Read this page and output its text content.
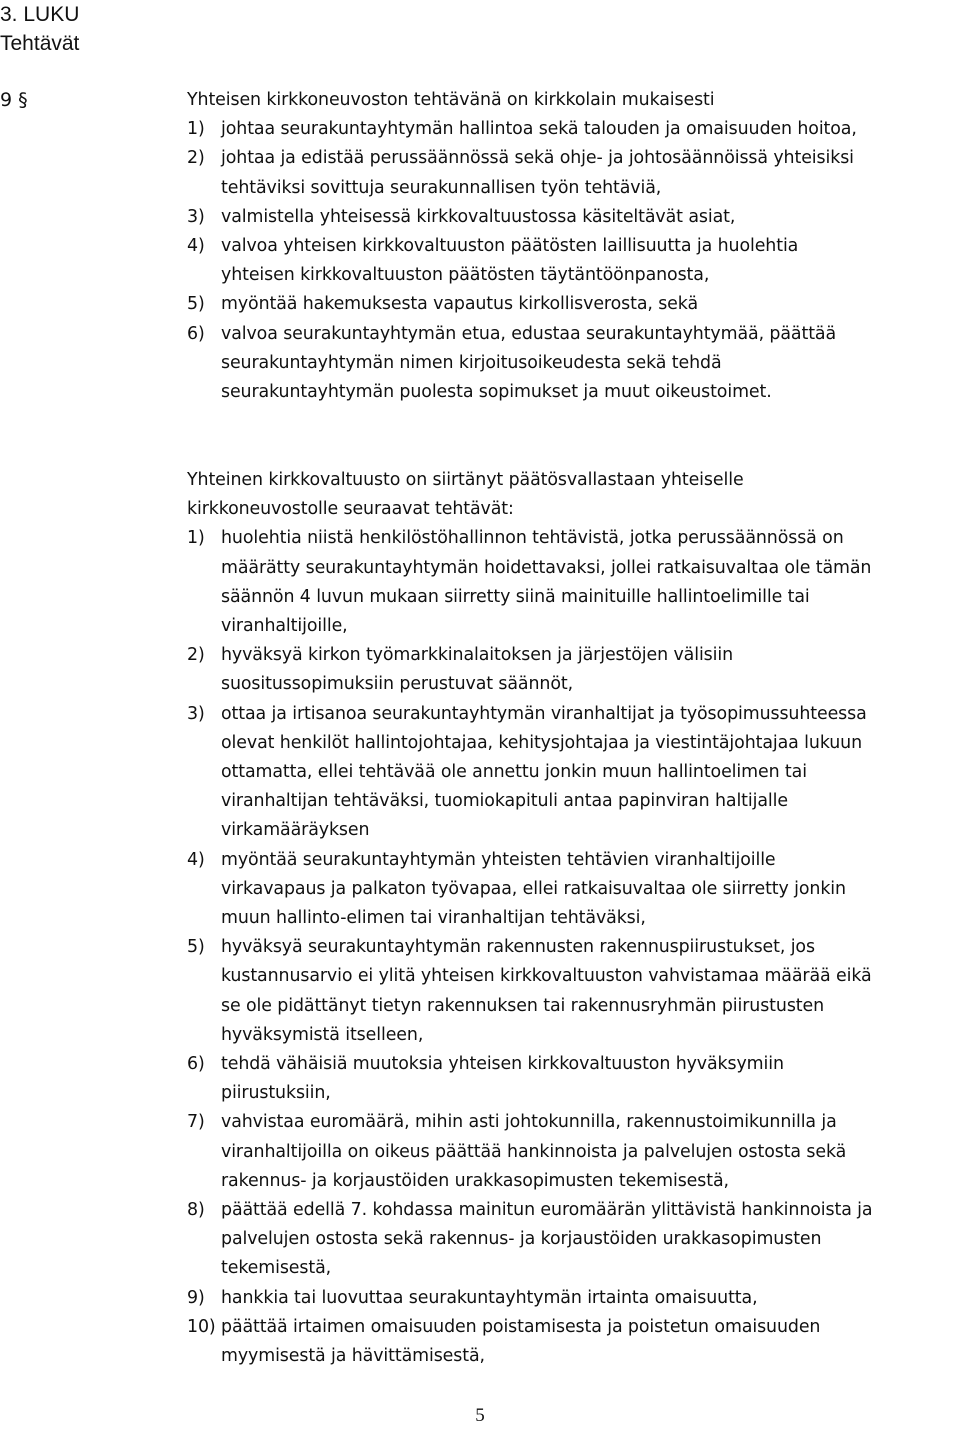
3. LUKU
Tehtävät
9 §	Yhteisen kirkkoneuvoston tehtävänä on kirkkolain mukaisesti
1) johtaa seurakuntayhtymän hallintoa sekä talouden ja omaisuuden hoitoa,
2) johtaa ja edistää perussäännössä sekä ohje- ja johtosäännöissä yhteisiksi
tehtäviksi sovittuja seurakunnallisen työn tehtäviä,
3) valmistella yhteisessä kirkkovaltuustossa käsiteltävät asiat,
4) valvoa yhteisen kirkkovaltuuston päätösten laillisuutta ja huolehtia
yhteisen kirkkovaltuuston päätösten täytäntöönpanosta,
5) myöntää hakemuksesta vapautus kirkollisverosta, sekä
6) valvoa seurakuntayhtymän etua, edustaa seurakuntayhtymää, päättää
seurakuntayhtymän nimen kirjoitusoikeudesta sekä tehdä
seurakuntayhtymän puolesta sopimukset ja muut oikeustoimet.
Yhteinen kirkkovaltuusto on siirtänyt päätösvallastaan yhteiselle
kirkkoneuvostolle seuraavat tehtävät:
1) huolehtia niistä henkilöstöhallinnon tehtävistä, jotka perussäännössä on
määrätty seurakuntayhtymän hoidettavaksi, jollei ratkaisuvaltaa ole tämän
säännön 4 luvun mukaan siirretty siinä mainituille hallintoelimille tai
viranhaltijoille,
2) hyväksyä kirkon työmarkkinalaitoksen ja järjestöjen välisiin
suositussopimuksiin perustuvat säännöt,
3) ottaa ja irtisanoa seurakuntayhtymän viranhaltijat ja työsopimussuhteessa
olevat henkilöt hallintojohtajaa, kehitysjohtajaa ja viestintäjohtajaa lukuun
ottamatta, ellei tehtävää ole annettu jonkin muun hallintoelimen tai
viranhaltijan tehtäväksi, tuomiokapituli antaa papinviran haltijalle
virkamääräyksen
4) myöntää seurakuntayhtymän yhteisten tehtävien viranhaltijoille
virkavapaus ja palkaton työvapaa, ellei ratkaisuvaltaa ole siirretty jonkin
muun hallinto-elimen tai viranhaltijan tehtäväksi,
5) hyväksyä seurakuntayhtymän rakennusten rakennuspiirustukset, jos
kustannusarvio ei ylitä yhteisen kirkkovaltuuston vahvistamaa määrää eikä
se ole pidättänyt tietyn rakennuksen tai rakennusryhmän piirustusten
hyväksymistä itselleen,
6) tehdä vähäisiä muutoksia yhteisen kirkkovaltuuston hyväksymiin
piirustuksiin,
7) vahvistaa euromäärä, mihin asti johtokunnilla, rakennustoimikunnilla ja
viranhaltijoilla on oikeus päättää hankinnoista ja palvelujen ostosta sekä
rakennus- ja korjaustöiden urakkasopimusten tekemisestä,
8) päättää edellä 7. kohdassa mainitun euromäärän ylittävistä hankinnoista ja
palvelujen ostosta sekä rakennus- ja korjaustöiden urakkasopimusten
tekemisestä,
9) hankkia tai luovuttaa seurakuntayhtymän irtainta omaisuutta,
10) päättää irtaimen omaisuuden poistamisesta ja poistetun omaisuuden
myymisestä ja hävittämisestä,
5
